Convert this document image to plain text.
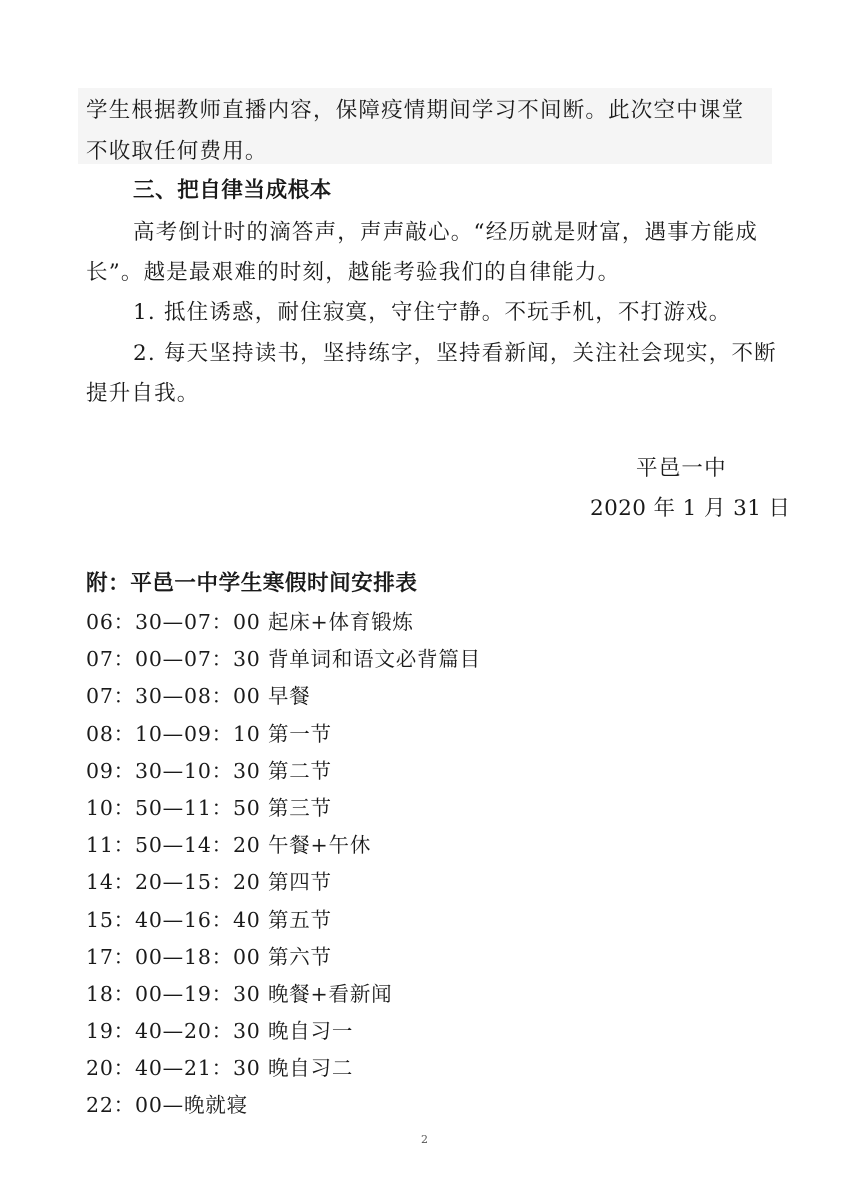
学生根据教师直播内容，保障疫情期间学习不间断。此次空中课堂
不收取任何费用。
三、把自律当成根本
高考倒计时的滴答声，声声敲心。“经历就是财富，遇事方能成
长”。越是最艰难的时刻，越能考验我们的自律能力。
1. 抵住诱惑，耐住寂寞，守住宁静。不玩手机，不打游戏。
2. 每天坚持读书，坚持练字，坚持看新闻，关注社会现实，不断
提升自我。
平邑一中
2020 年 1 月 31 日
附：平邑一中学生寒假时间安排表
06：30—07：00 起床+体育锻炼
07：00—07：30 背单词和语文必背篇目
07：30—08：00 早餐
08：10—09：10 第一节
09：30—10：30 第二节
10：50—11：50 第三节
11：50—14：20 午餐+午休
14：20—15：20 第四节
15：40—16：40 第五节
17：00—18：00 第六节
18：00—19：30 晚餐+看新闻
19：40—20：30 晚自习一
20：40—21：30 晚自习二
22：00—晚就寝
2
